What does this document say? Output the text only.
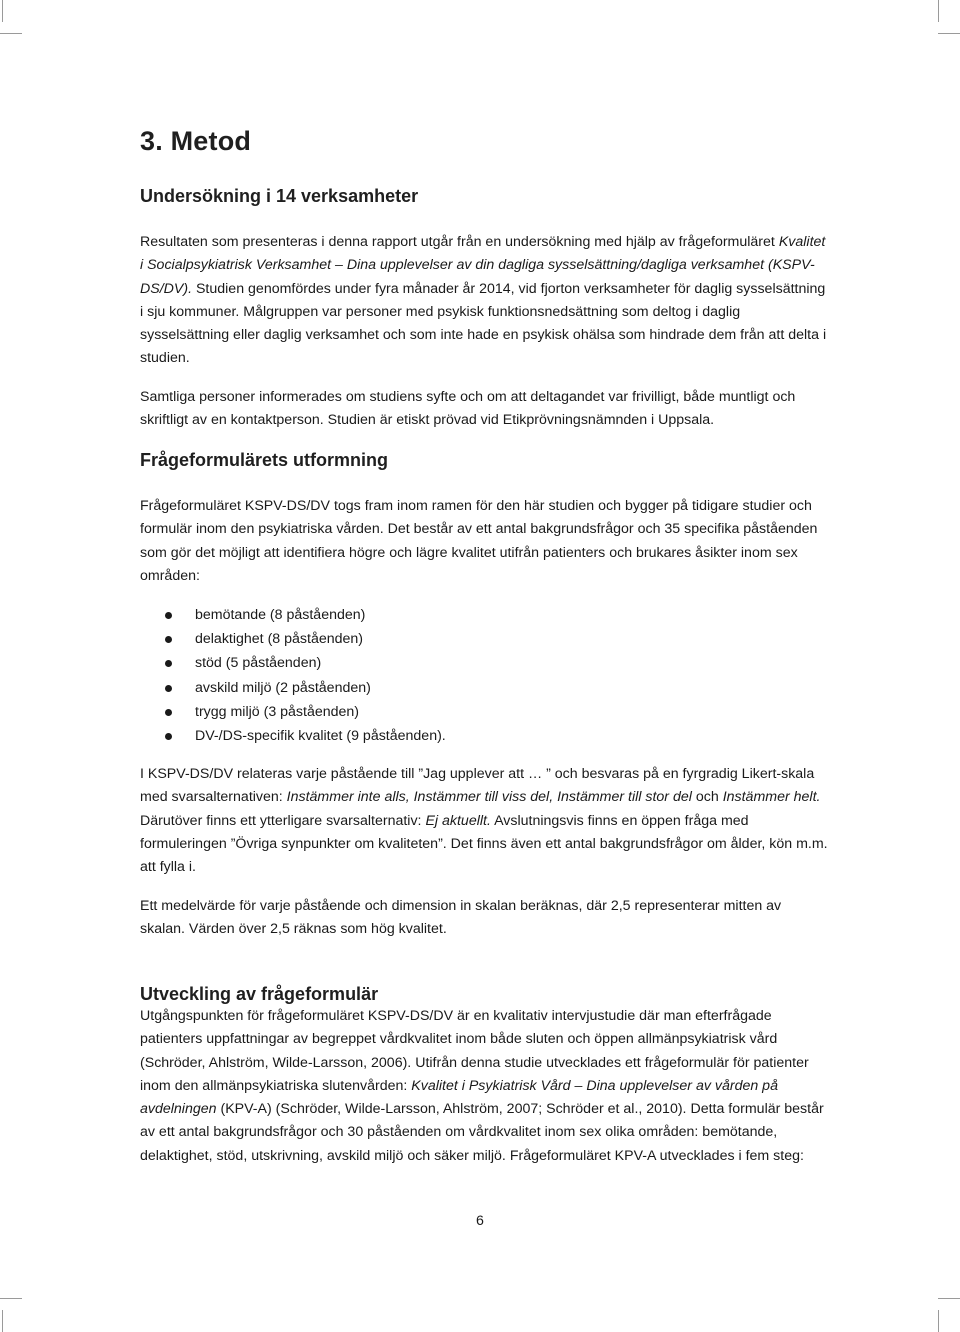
3. Metod
Undersökning i 14 verksamheter

Resultaten som presenteras i denna rapport utgår från en undersökning med hjälp av frågeformuläret Kvalitet i Socialpsykiatrisk Verksamhet – Dina upplevelser av din dagliga sysselsättning/dagliga verksamhet (KSPV-DS/DV). Studien genomfördes under fyra månader år 2014, vid fjorton verksamheter för daglig sysselsättning i sju kommuner. Målgruppen var personer med psykisk funktionsnedsättning som deltog i daglig sysselsättning eller daglig verksamhet och som inte hade en psykisk ohälsa som hindrade dem från att delta i studien.

Samtliga personer informerades om studiens syfte och om att deltagandet var frivilligt, både muntligt och skriftligt av en kontaktperson. Studien är etiskt prövad vid Etikprövningsnämnden i Uppsala.

Frågeformulärets utformning

Frågeformuläret KSPV-DS/DV togs fram inom ramen för den här studien och bygger på tidigare studier och formulär inom den psykiatriska vården. Det består av ett antal bakgrundsfrågor och 35 specifika påståenden som gör det möjligt att identifiera högre och lägre kvalitet utifrån patienters och brukares åsikter inom sex områden:

bemötande (8 påståenden)
delaktighet (8 påståenden)
stöd (5 påståenden)
avskild miljö (2 påståenden)
trygg miljö (3 påståenden)
DV-/DS-specifik kvalitet (9 påståenden).

I KSPV-DS/DV relateras varje påstående till ”Jag upplever att … ” och besvaras på en fyrgradig Likert-skala med svarsalternativen: Instämmer inte alls, Instämmer till viss del, Instämmer till stor del och Instämmer helt. Därutöver finns ett ytterligare svarsalternativ: Ej aktuellt. Avslutningsvis finns en öppen fråga med formuleringen ”Övriga synpunkter om kvaliteten”. Det finns även ett antal bakgrundsfrågor om ålder, kön m.m. att fylla i.

Ett medelvärde för varje påstående och dimension in skalan beräknas, där 2,5 representerar mitten av skalan. Värden över 2,5 räknas som hög kvalitet.

Utveckling av frågeformulär

Utgångspunkten för frågeformuläret KSPV-DS/DV är en kvalitativ intervjustudie där man efterfrågade patienters uppfattningar av begreppet vårdkvalitet inom både sluten och öppen allmänpsykiatrisk vård (Schröder, Ahlström, Wilde-Larsson, 2006). Utifrån denna studie utvecklades ett frågeformulär för patienter inom den allmänpsykiatriska slutenvården: Kvalitet i Psykiatrisk Vård – Dina upplevelser av vården på avdelningen (KPV-A) (Schröder, Wilde-Larsson, Ahlström, 2007; Schröder et al., 2010). Detta formulär består av ett antal bakgrundsfrågor och 30 påståenden om vårdkvalitet inom sex olika områden: bemötande, delaktighet, stöd, utskrivning, avskild miljö och säker miljö. Frågeformuläret KPV-A utvecklades i fem steg:

6
